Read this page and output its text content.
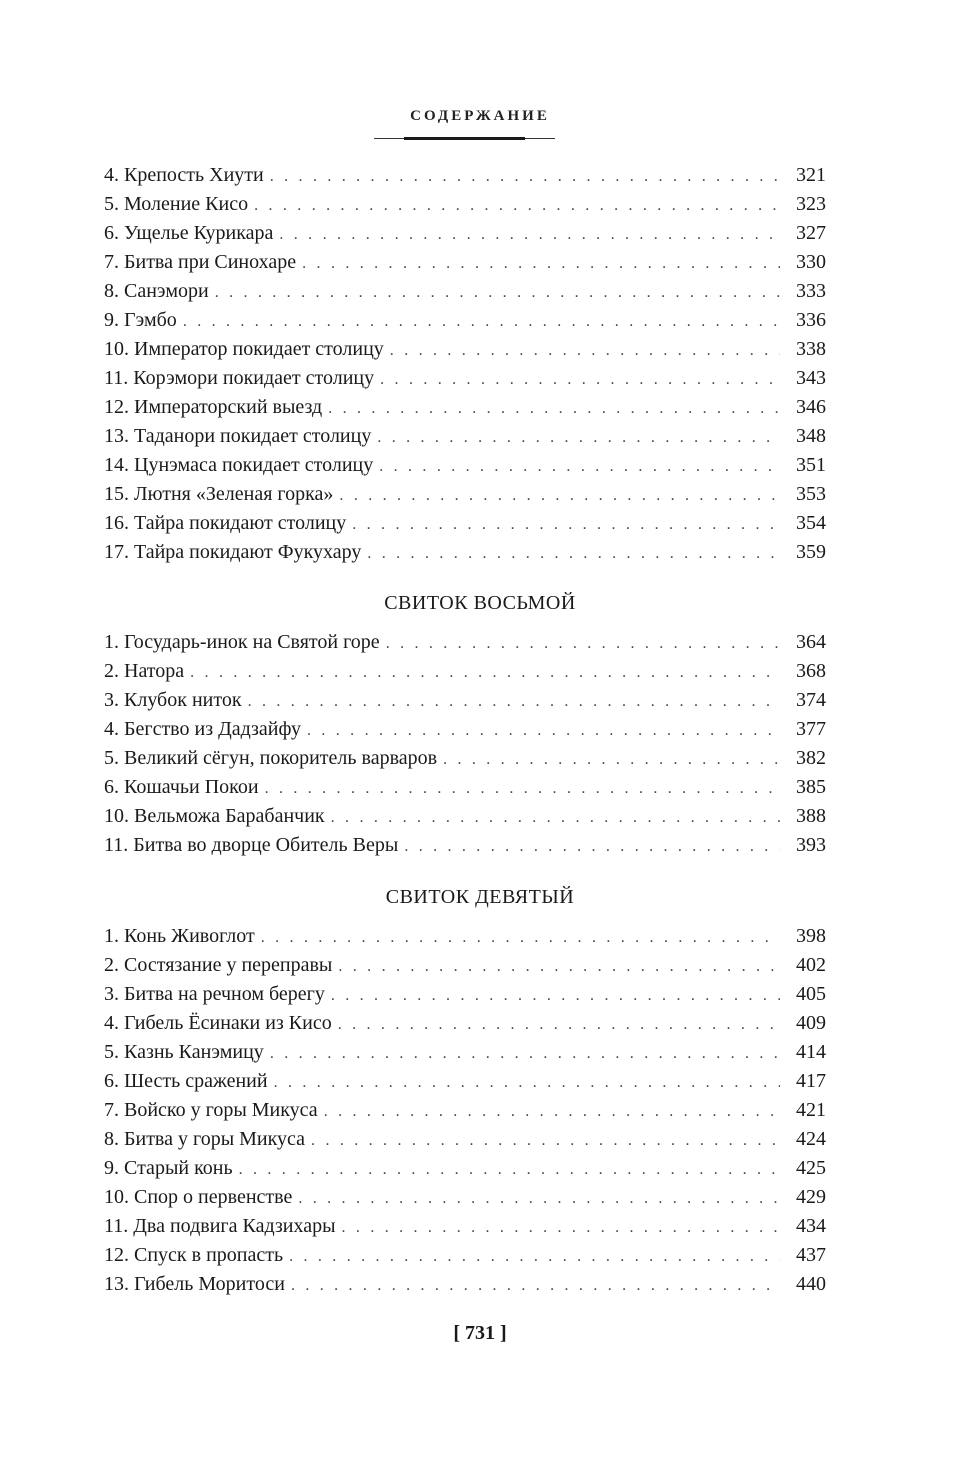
СОДЕРЖАНИЕ
4. Крепость Хиути . . .	321
5. Моление Кисо . . .	323
6. Ущелье Курикара . . .	327
7. Битва при Синохаре . . .	330
8. Санэмори . . .	333
9. Гэмбо . . .	336
10. Император покидает столицу . . .	338
11. Корэмори покидает столицу . . .	343
12. Императорский выезд . . .	346
13. Таданори покидает столицу . . .	348
14. Цунэмаса покидает столицу . . .	351
15. Лютня «Зеленая горка» . . .	353
16. Тайра покидают столицу . . .	354
17. Тайра покидают Фукухару . . .	359
СВИТОК ВОСЬМОЙ
1. Государь-инок на Святой горе . . .	364
2. Натора . . .	368
3. Клубок ниток . . .	374
4. Бегство из Дадзайфу . . .	377
5. Великий сёгун, покоритель варваров . . .	382
6. Кошачьи Покои . . .	385
10. Вельможа Барабанчик . . .	388
11. Битва во дворце Обитель Веры . . .	393
СВИТОК ДЕВЯТЫЙ
1. Конь Живоглот . . .	398
2. Состязание у переправы . . .	402
3. Битва на речном берегу . . .	405
4. Гибель Ёсинаки из Кисо . . .	409
5. Казнь Канэмицу . . .	414
6. Шесть сражений . . .	417
7. Войско у горы Микуса . . .	421
8. Битва у горы Микуса . . .	424
9. Старый конь . . .	425
10. Спор о первенстве . . .	429
11. Два подвига Кадзихары . . .	434
12. Спуск в пропасть . . .	437
13. Гибель Моритоси . . .	440
[ 731 ]
